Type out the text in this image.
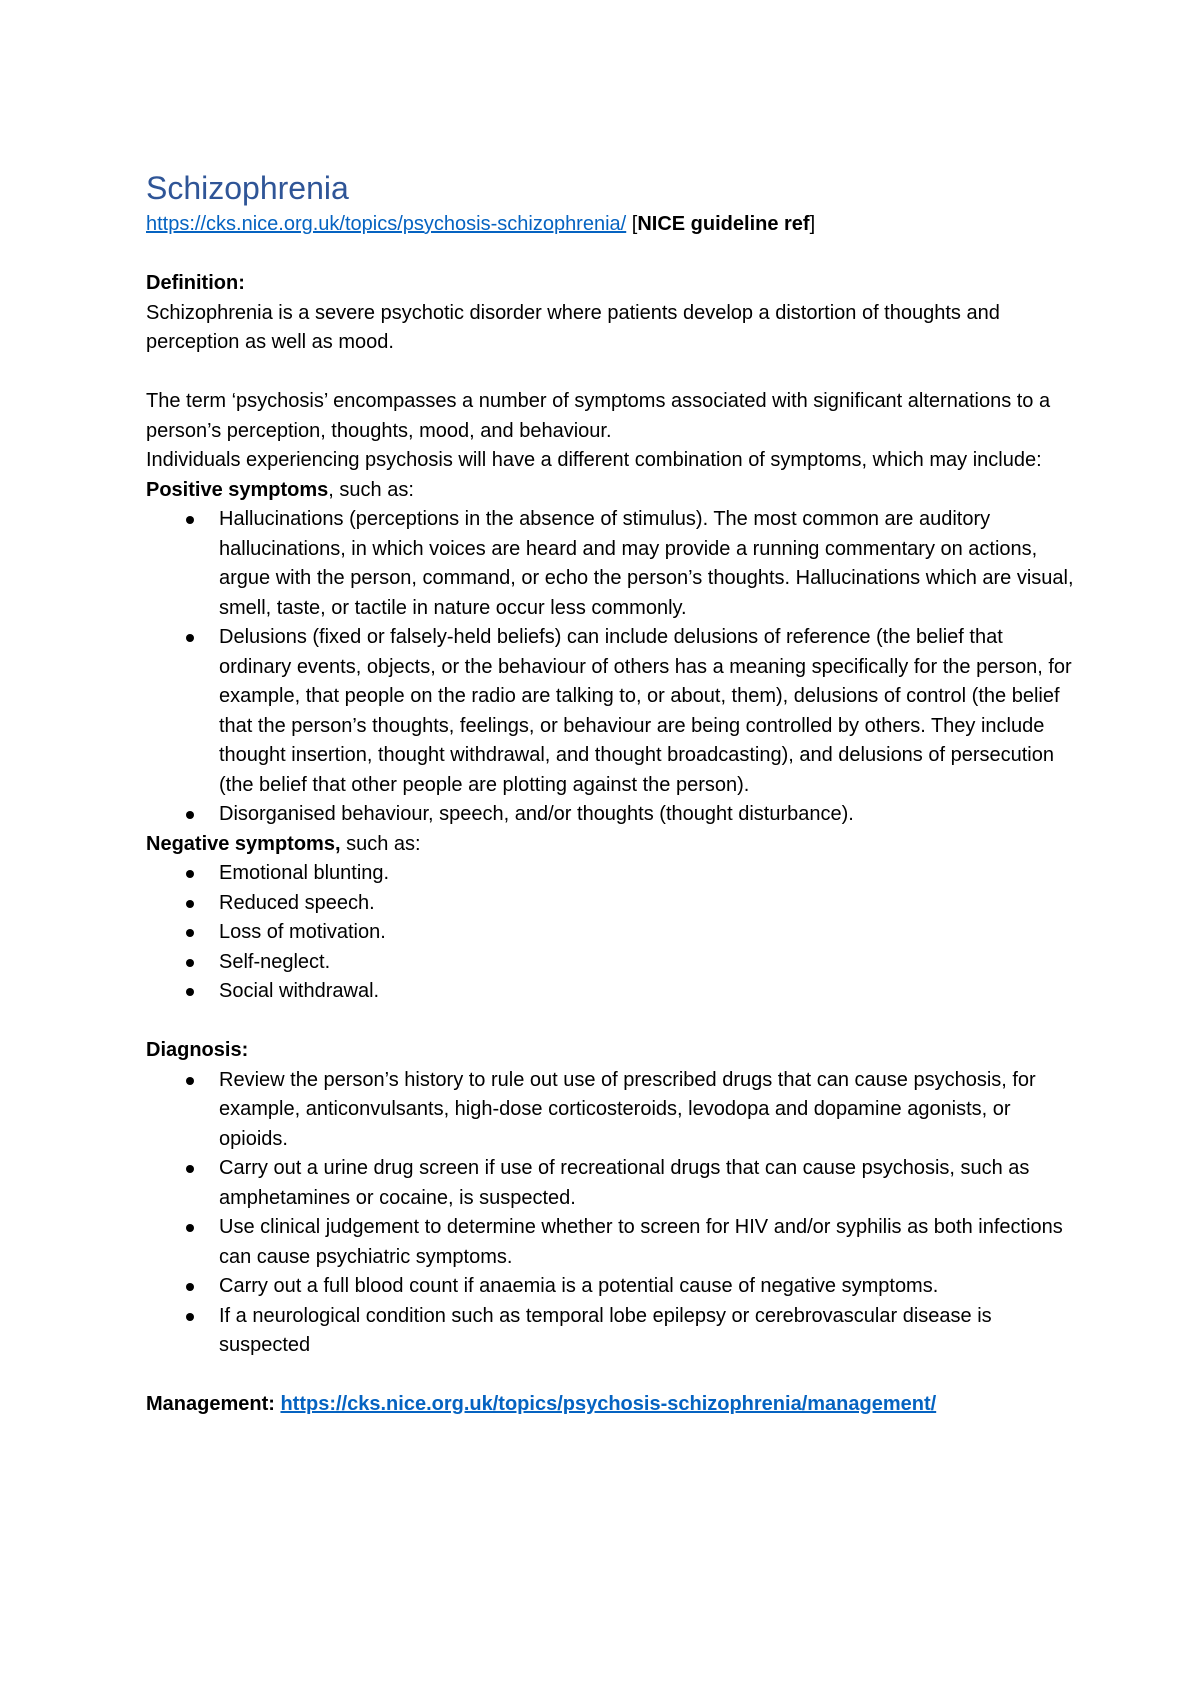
Schizophrenia

https://cks.nice.org.uk/topics/psychosis-schizophrenia/ [NICE guideline ref]

Definition:

Schizophrenia is a severe psychotic disorder where patients develop a distortion of thoughts and perception as well as mood.

The term ‘psychosis’ encompasses a number of symptoms associated with significant alternations to a person’s perception, thoughts, mood, and behaviour.

Individuals experiencing psychosis will have a different combination of symptoms, which may include:

Positive symptoms, such as:

Hallucinations (perceptions in the absence of stimulus). The most common are auditory hallucinations, in which voices are heard and may provide a running commentary on actions, argue with the person, command, or echo the person’s thoughts. Hallucinations which are visual, smell, taste, or tactile in nature occur less commonly.
Delusions (fixed or falsely-held beliefs) can include delusions of reference (the belief that ordinary events, objects, or the behaviour of others has a meaning specifically for the person, for example, that people on the radio are talking to, or about, them), delusions of control (the belief that the person’s thoughts, feelings, or behaviour are being controlled by others. They include thought insertion, thought withdrawal, and thought broadcasting), and delusions of persecution (the belief that other people are plotting against the person).
Disorganised behaviour, speech, and/or thoughts (thought disturbance).

Negative symptoms, such as:

Emotional blunting.
Reduced speech.
Loss of motivation.
Self-neglect.
Social withdrawal.

Diagnosis:

Review the person’s history to rule out use of prescribed drugs that can cause psychosis, for example, anticonvulsants, high-dose corticosteroids, levodopa and dopamine agonists, or opioids.
Carry out a urine drug screen if use of recreational drugs that can cause psychosis, such as amphetamines or cocaine, is suspected.
Use clinical judgement to determine whether to screen for HIV and/or syphilis as both infections can cause psychiatric symptoms.
Carry out a full blood count if anaemia is a potential cause of negative symptoms.
If a neurological condition such as temporal lobe epilepsy or cerebrovascular disease is suspected

Management: https://cks.nice.org.uk/topics/psychosis-schizophrenia/management/
